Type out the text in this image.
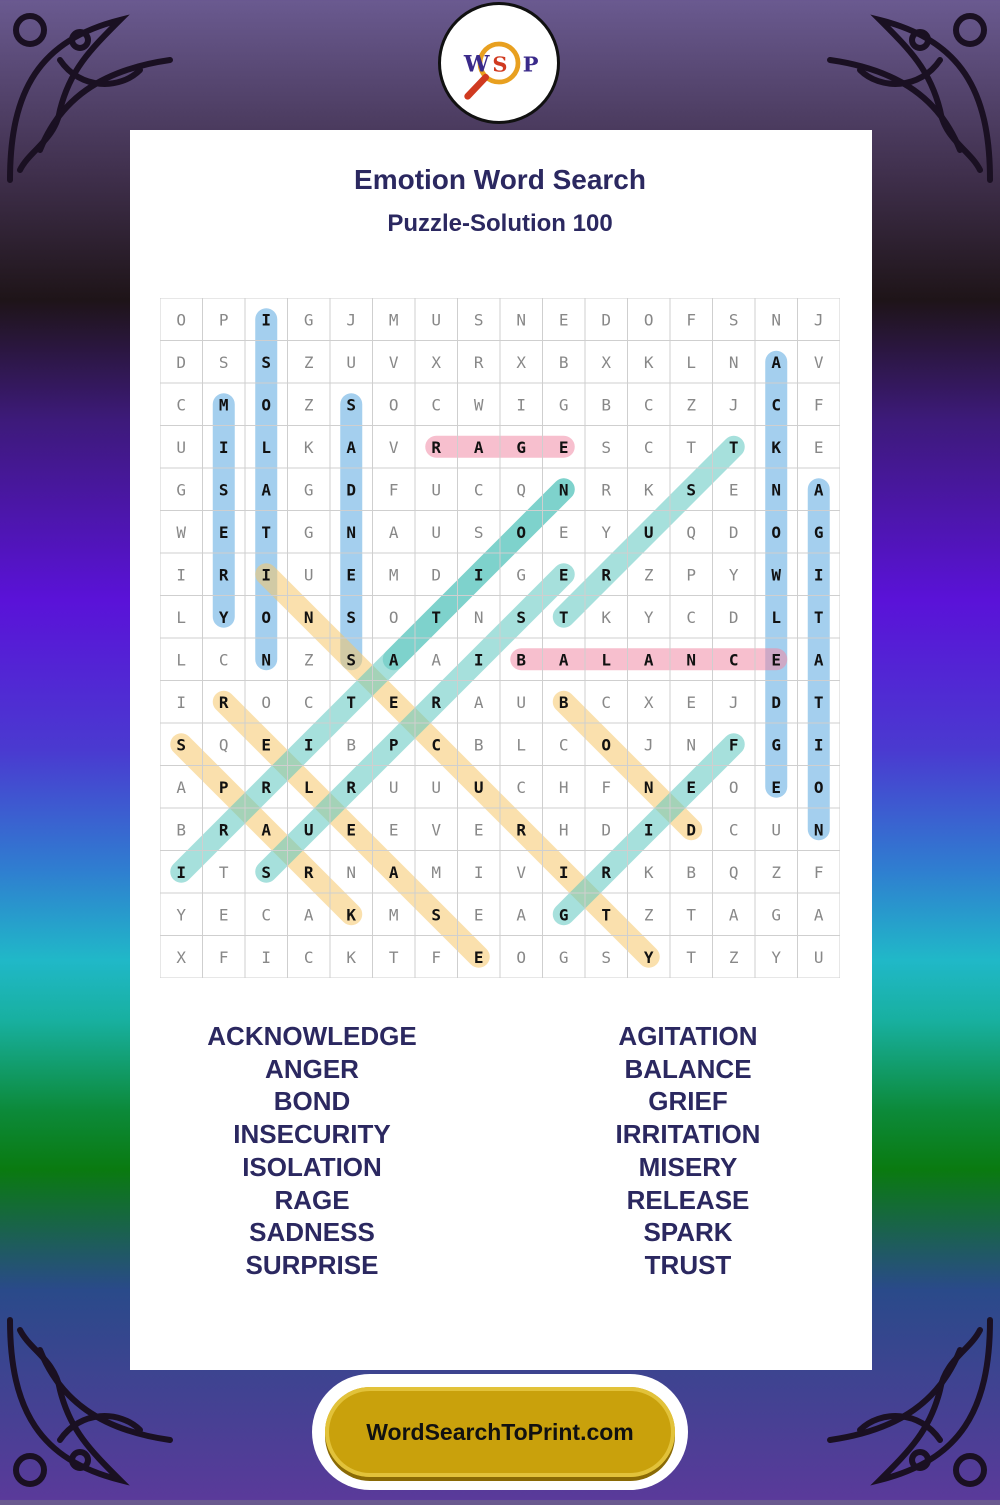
W S P
Emotion Word Search
Puzzle-Solution 100
O P I G J M U S N E D O F S N J
D S S Z U V X R X B X K L N A V
C M O Z S O C W I G B C Z J C F
U I L K A V R A G E S C T T K E
G S A G D F U C Q N R K S E N A
W E T G N A U S O E Y U Q D O G
I R I U E M D I G E R Z P Y W I
L Y O N S O T N S T K Y C D L T
L C N Z S A A I B A L A N C E A
I R O C T E R A U B C X E J D T
S Q E I B P C B L C O J N F G I
A P R L R U U U C H F N E O E O
B R A U E E V E R H D I D C U N
I T S R N A M I V I R K B Q Z F
Y E C A K M S E A G T Z T A G A
X F I C K T F E O G S Y T Z Y U
ACKNOWLEDGE
ANGER
BOND
INSECURITY
ISOLATION
RAGE
SADNESS
SURPRISE
AGITATION
BALANCE
GRIEF
IRRITATION
MISERY
RELEASE
SPARK
TRUST
WordSearchToPrint.com
